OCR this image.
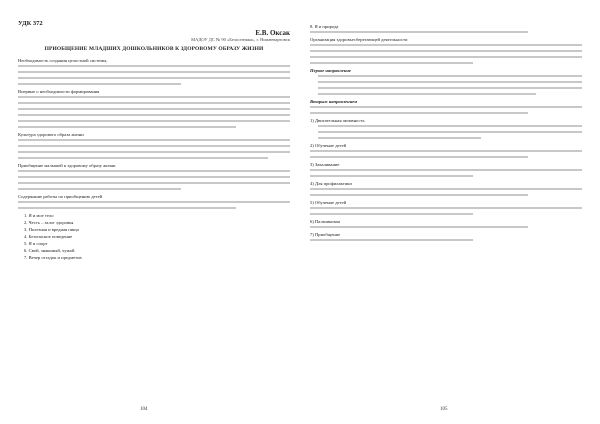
УДК 372
Е.В. Оксак
МАДОУ ДС № 90 «Белоснежка», г. Нижневартовск
ПРИОБЩЕНИЕ МЛАДШИХ ДОШКОЛЬНИКОВ К ЗДОРОВОМУ ОБРАЗУ ЖИЗНИ
Необходимость создания целостной системы,
Впервые о необходимости формирования
Культура здорового образа жизни
Приобщение малышей к здоровому образу жизни
Содержание работы по приобщению детей
1. Я и мое тело
2. Честь – залог здоровья
3. Полезная и вредная пища
4. Безопасное поведение
5. Я и спорт
6. Свой, знакомый, чужой
7. Вечер отгадок и предметов
104
8. Я и природа
Организация здоровьесберегающей деятельности
Первое направление
Вторым направлением
1) Двигательная активность
2) Обучение детей
3) Закаливание
4) Для профилактики
5) Обучение детей
6) Пальчиковая
7) Приобщение
105
